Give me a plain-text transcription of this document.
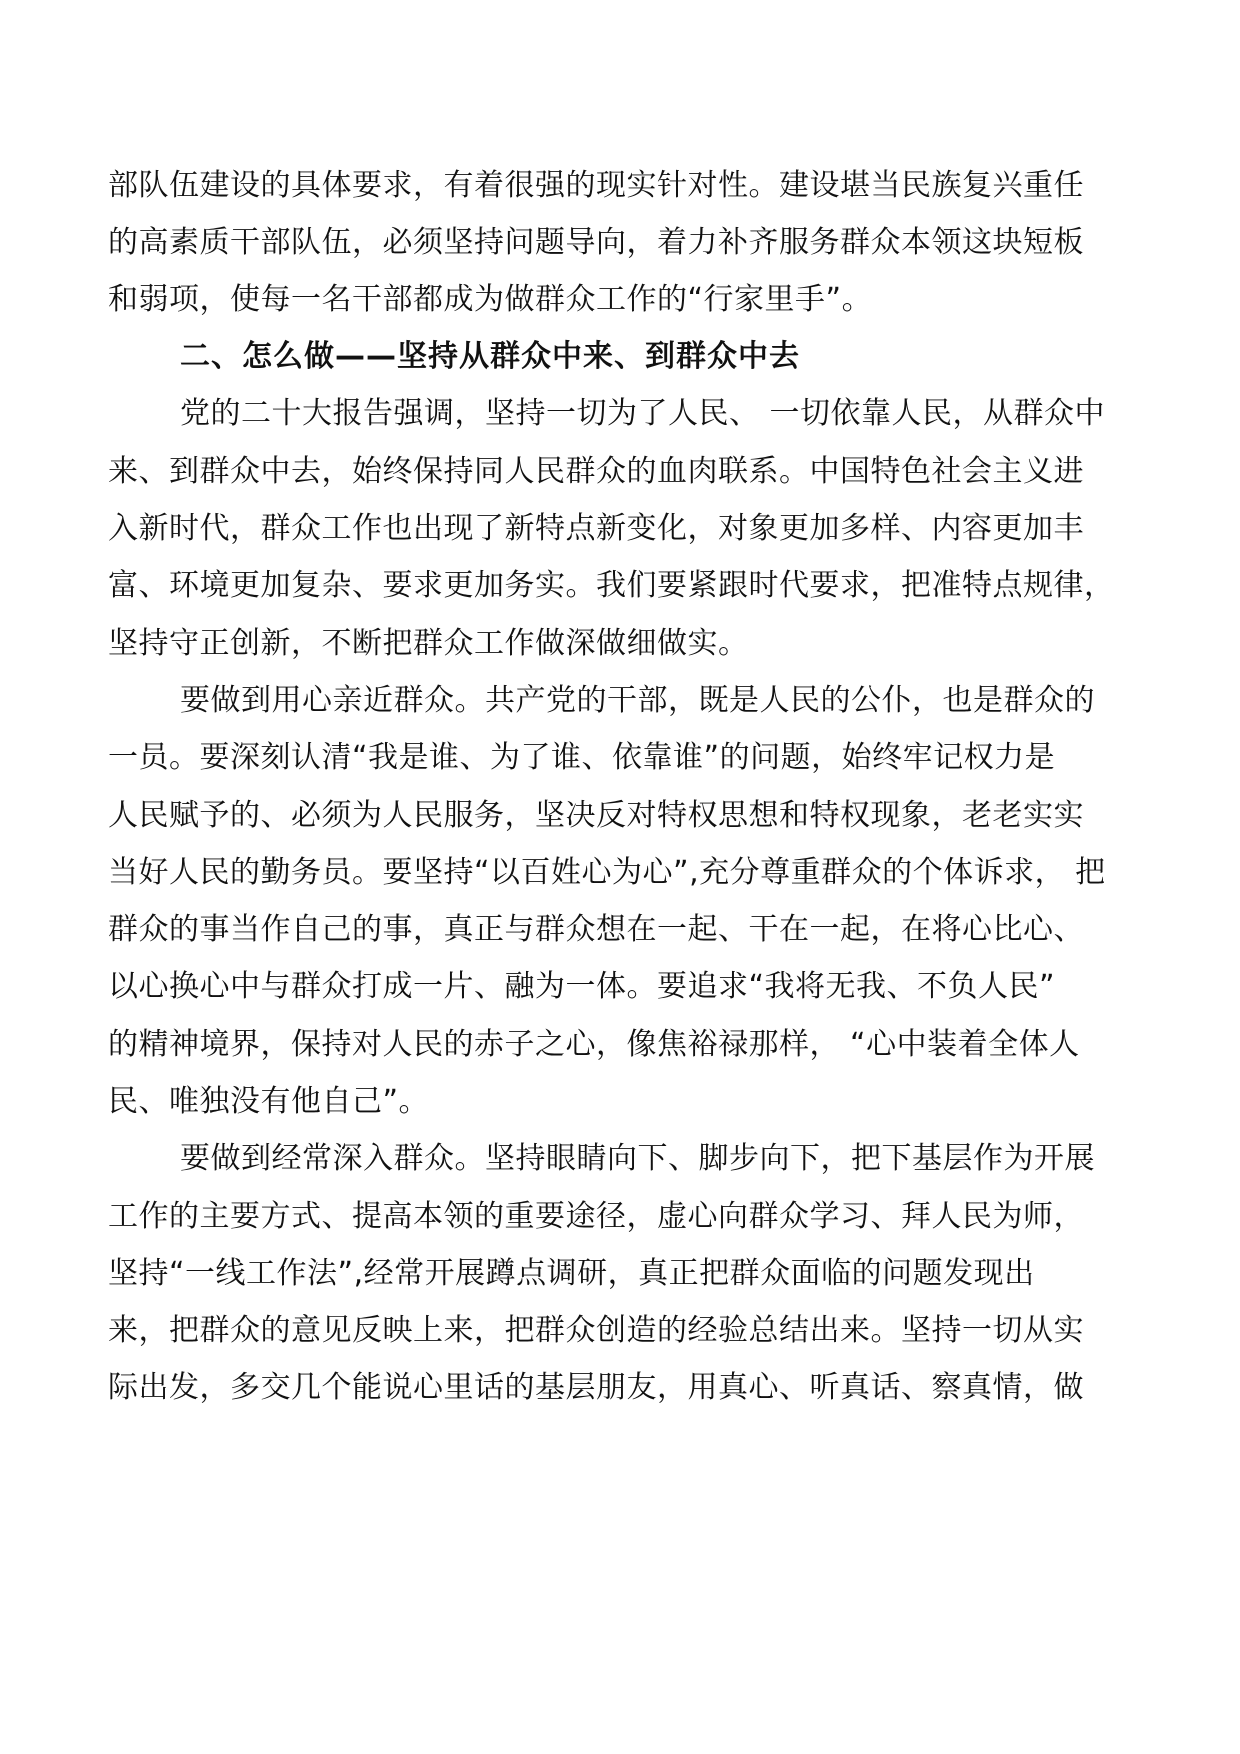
部队伍建设的具体要求，有着很强的现实针对性。建设堪当民族复兴重任
的高素质干部队伍，必须坚持问题导向，着力补齐服务群众本领这块短板
和弱项，使每一名干部都成为做群众工作的“行家里手”。
二、怎么做——坚持从群众中来、到群众中去
党的二十大报告强调，坚持一切为了人民、 一切依靠人民，从群众中
来、到群众中去，始终保持同人民群众的血肉联系。中国特色社会主义进
入新时代，群众工作也出现了新特点新变化，对象更加多样、内容更加丰
富、环境更加复杂、要求更加务实。我们要紧跟时代要求，把准特点规律，
坚持守正创新，不断把群众工作做深做细做实。
要做到用心亲近群众。共产党的干部，既是人民的公仆，也是群众的
一员。要深刻认清“我是谁、为了谁、依靠谁”的问题，始终牢记权力是
人民赋予的、必须为人民服务，坚决反对特权思想和特权现象，老老实实
当好人民的勤务员。要坚持“以百姓心为心”,充分尊重群众的个体诉求， 把
群众的事当作自己的事，真正与群众想在一起、干在一起，在将心比心、
以心换心中与群众打成一片、融为一体。要追求“我将无我、不负人民”
的精神境界，保持对人民的赤子之心，像焦裕禄那样， “心中装着全体人
民、唯独没有他自己”。
要做到经常深入群众。坚持眼睛向下、脚步向下，把下基层作为开展
工作的主要方式、提高本领的重要途径，虚心向群众学习、拜人民为师，
坚持“一线工作法”,经常开展蹲点调研，真正把群众面临的问题发现出
来，把群众的意见反映上来，把群众创造的经验总结出来。坚持一切从实
际出发，多交几个能说心里话的基层朋友，用真心、听真话、察真情，做
